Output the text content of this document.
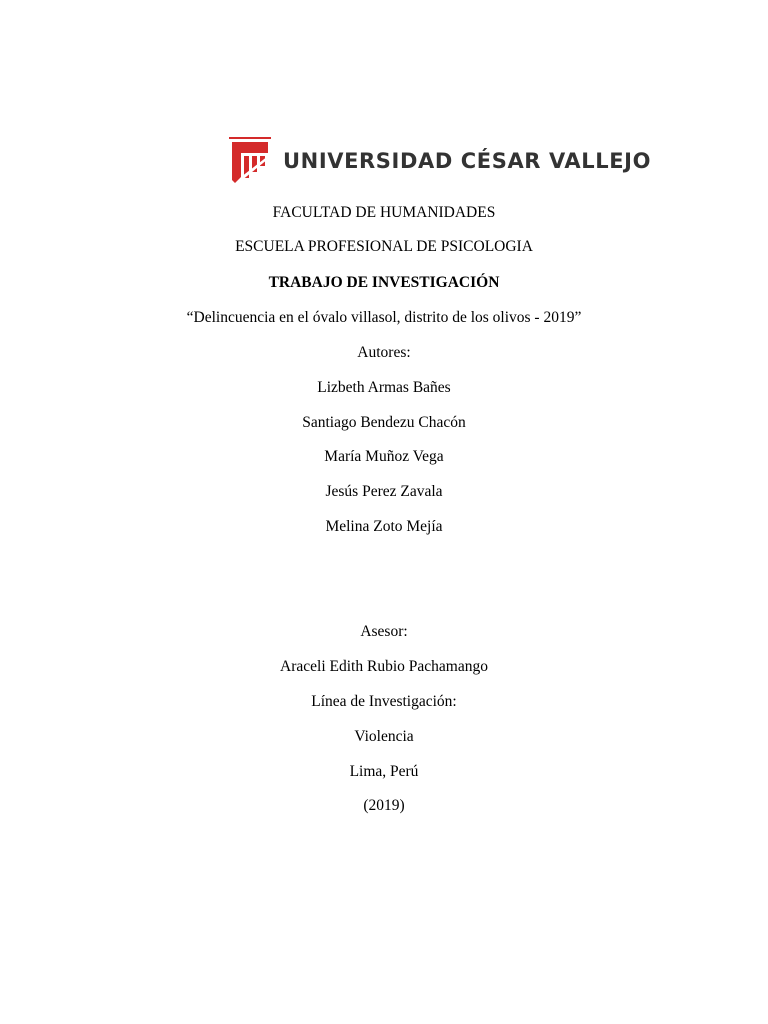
UNIVERSIDAD CÉSAR VALLEJO
FACULTAD DE HUMANIDADES
ESCUELA PROFESIONAL DE PSICOLOGIA
TRABAJO DE INVESTIGACIÓN
“Delincuencia en el óvalo villasol, distrito de los olivos - 2019”
Autores:
Lizbeth Armas Bañes
Santiago Bendezu Chacón
María Muñoz Vega
Jesús Perez Zavala
Melina Zoto Mejía
Asesor:
Araceli Edith Rubio Pachamango
Línea de Investigación:
Violencia
Lima, Perú
(2019)
